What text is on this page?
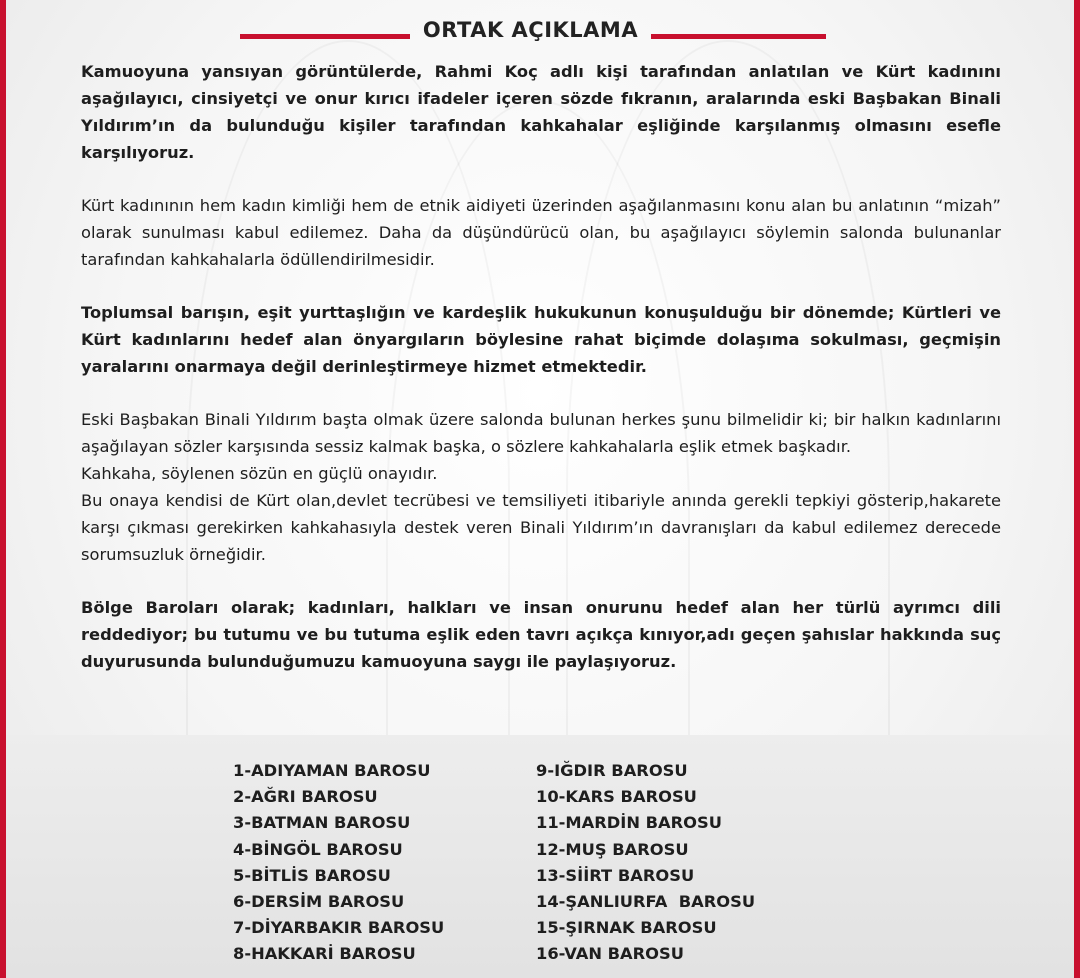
ORTAK AÇIKLAMA

Kamuoyuna yansıyan görüntülerde, Rahmi Koç adlı kişi tarafından anlatılan ve Kürt kadınını aşağılayıcı, cinsiyetçi ve onur kırıcı ifadeler içeren sözde fıkranın, aralarında eski Başbakan Binali Yıldırım’ın da bulunduğu kişiler tarafından kahkahalar eşliğinde karşılanmış olmasını esefle karşılıyoruz.

Kürt kadınının hem kadın kimliği hem de etnik aidiyeti üzerinden aşağılanmasını konu alan bu anlatının “mizah” olarak sunulması kabul edilemez. Daha da düşündürücü olan, bu aşağılayıcı söylemin salonda bulunanlar tarafından kahkahalarla ödüllendirilmesidir.

Toplumsal barışın, eşit yurttaşlığın ve kardeşlik hukukunun konuşulduğu bir dönemde; Kürtleri ve Kürt kadınlarını hedef alan önyargıların böylesine rahat biçimde dolaşıma sokulması, geçmişin yaralarını onarmaya değil derinleştirmeye hizmet etmektedir.

Eski Başbakan Binali Yıldırım başta olmak üzere salonda bulunan herkes şunu bilmelidir ki; bir halkın kadınlarını aşağılayan sözler karşısında sessiz kalmak başka, o sözlere kahkahalarla eşlik etmek başkadır.

Kahkaha, söylenen sözün en güçlü onayıdır.

Bu onaya kendisi de Kürt olan,devlet tecrübesi ve temsiliyeti itibariyle anında gerekli tepkiyi gösterip,hakarete karşı çıkması gerekirken kahkahasıyla destek veren Binali Yıldırım’ın davranışları da kabul edilemez derecede sorumsuzluk örneğidir.

Bölge Baroları olarak; kadınları, halkları ve insan onurunu hedef alan her türlü ayrımcı dili reddediyor; bu tutumu ve bu tutuma eşlik eden tavrı açıkça kınıyor,adı geçen şahıslar hakkında suç duyurusunda bulunduğumuzu kamuoyuna saygı ile paylaşıyoruz.

1-ADIYAMAN BAROSU
2-AĞRI BAROSU
3-BATMAN BAROSU
4-BİNGÖL BAROSU
5-BİTLİS BAROSU
6-DERSİM BAROSU
7-DİYARBAKIR BAROSU
8-HAKKARİ BAROSU
9-IĞDIR BAROSU
10-KARS BAROSU
11-MARDİN BAROSU
12-MUŞ BAROSU
13-SİİRT BAROSU
14-ŞANLIURFA  BAROSU
15-ŞIRNAK BAROSU
16-VAN BAROSU
